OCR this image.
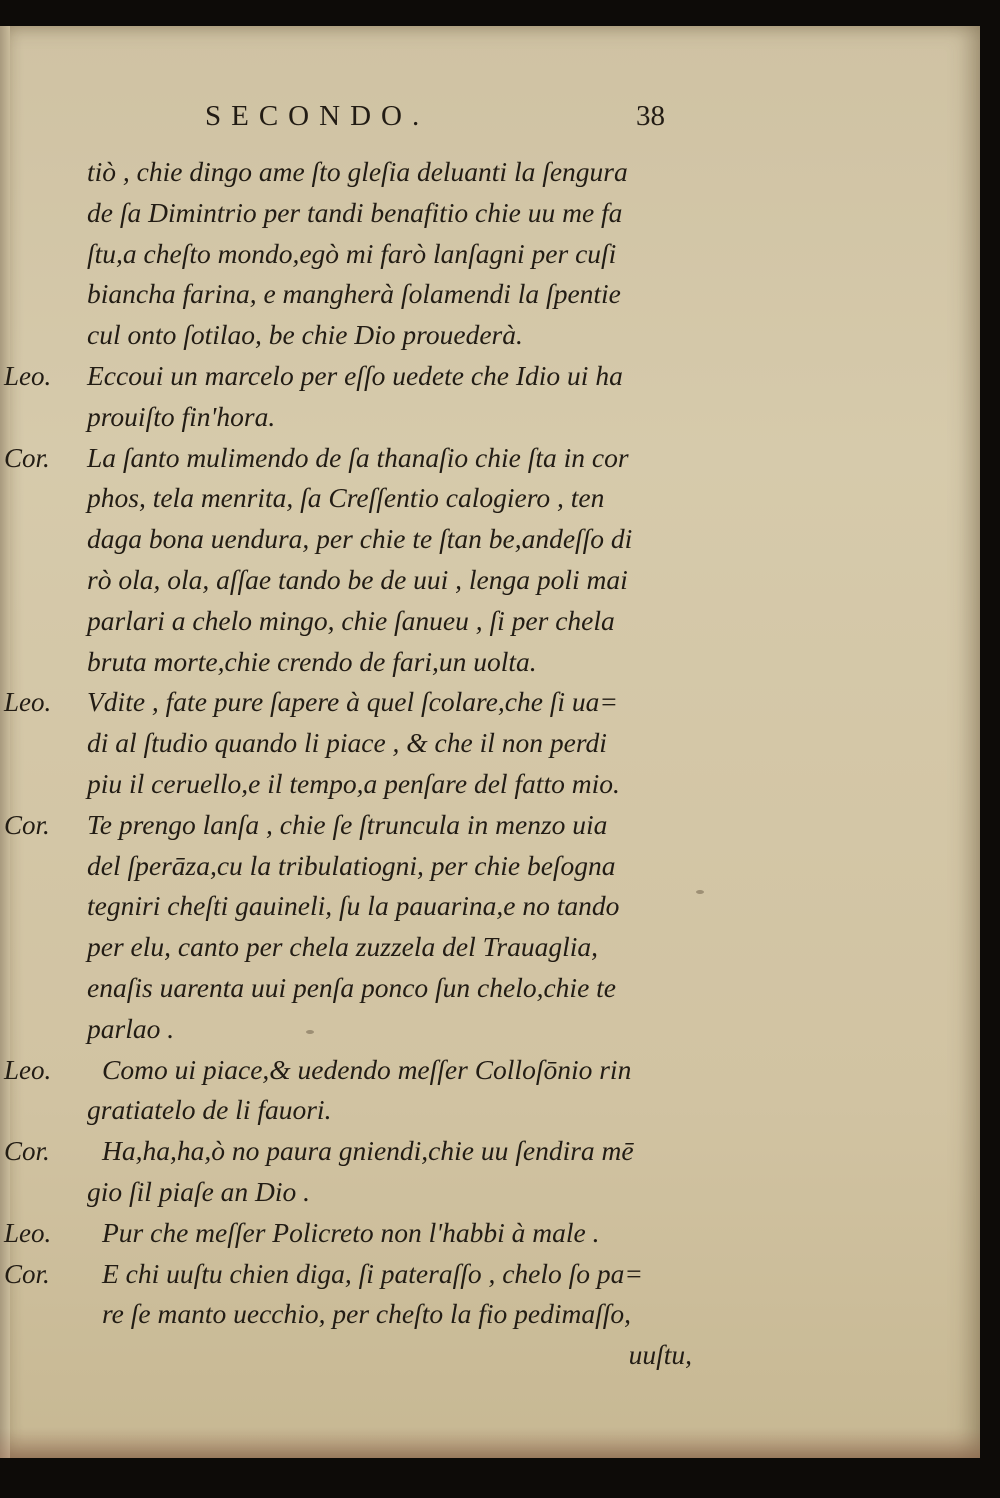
SECONDO.	38
tiò , chie dingo ame ſto gleſia deluanti la ſengura
de ſa Dimintrio per tandi benafitio chie uu me fa
ſtu,a cheſto mondo,egò mi farò lanſagni per cuſi
biancha farina, e mangherà ſolamendi la ſpentie
cul onto ſotilao, be chie Dio prouederà.
Leo. Eccoui un marcelo per eſſo uedete che Idio ui ha
prouiſto fin'hora.
Cor. La ſanto mulimendo de ſa thanaſio chie ſta in cor
phos, tela menrita, ſa Creſſentio calogiero , ten
daga bona uendura, per chie te ſtan be,andeſſo di
rò ola, ola, aſſae tando be de uui , lenga poli mai
parlari a chelo mingo, chie ſanueu , ſi per chela
bruta morte,chie crendo de fari,un uolta.
Leo. Vdite , fate pure ſapere à quel ſcolare,che ſi ua=
di al ſtudio quando li piace , & che il non perdi
piu il ceruello,e il tempo,a penſare del fatto mio.
Cor. Te prengo lanſa , chie ſe ſtruncula in menzo uia
del ſperāza,cu la tribulatiogni, per chie beſogna
tegniri cheſti gauineli, ſu la pauarina,e no tando
per elu, canto per chela zuzzela del Trauaglia,
enaſis uarenta uui penſa ponco ſun chelo,chie te
parlao .
Leo. Como ui piace,& uedendo meſſer Colloſōnio rin
gratiatelo de li fauori.
Cor. Ha,ha,ha,ò no paura gniendi,chie uu ſendira mē
gio ſil piaſe an Dio .
Leo. Pur che meſſer Policreto non l'habbi à male .
Cor. E chi uuſtu chien diga, ſi pateraſſo , chelo ſo pa=
re ſe manto uecchio, per cheſto la fio pedimaſſo,
uuſtu,
